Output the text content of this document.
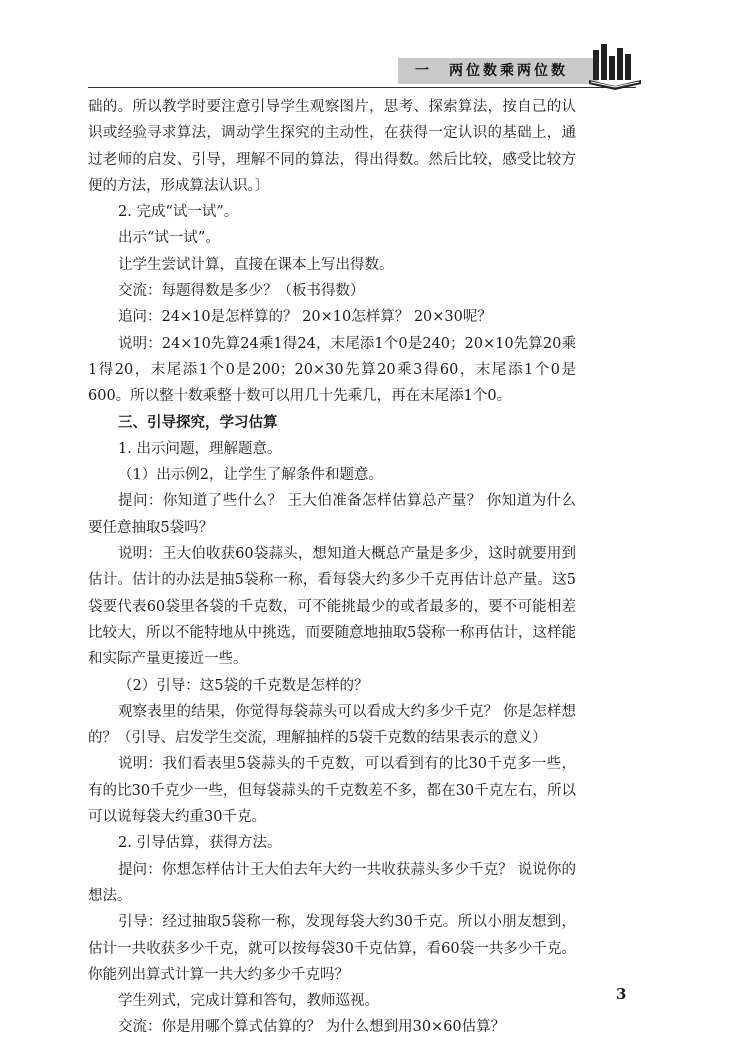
一　两位数乘两位数

础的。所以教学时要注意引导学生观察图片，思考、探索算法，按自己的认识或经验寻求算法，调动学生探究的主动性，在获得一定认识的基础上，通过老师的启发、引导，理解不同的算法，得出得数。然后比较，感受比较方便的方法，形成算法认识。〕

2. 完成“试一试”。

出示“试一试”。

让学生尝试计算，直接在课本上写出得数。

交流：每题得数是多少？（板书得数）

追问：24×10是怎样算的？ 20×10怎样算？ 20×30呢？

说明：24×10先算24乘1得24，末尾添1个0是240；20×10先算20乘1得20，末尾添1个0是200；20×30先算20乘3得60，末尾添1个0是600。所以整十数乘整十数可以用几十先乘几，再在末尾添1个0。

三、引导探究，学习估算

1. 出示问题，理解题意。

（1）出示例2，让学生了解条件和题意。

提问：你知道了些什么？ 王大伯准备怎样估算总产量？ 你知道为什么要任意抽取5袋吗？

说明：王大伯收获60袋蒜头，想知道大概总产量是多少，这时就要用到估计。估计的办法是抽5袋称一称，看每袋大约多少千克再估计总产量。这5袋要代表60袋里各袋的千克数，可不能挑最少的或者最多的，要不可能相差比较大，所以不能特地从中挑选，而要随意地抽取5袋称一称再估计，这样能和实际产量更接近一些。

（2）引导：这5袋的千克数是怎样的？

观察表里的结果，你觉得每袋蒜头可以看成大约多少千克？ 你是怎样想的？（引导、启发学生交流，理解抽样的5袋千克数的结果表示的意义）

说明：我们看表里5袋蒜头的千克数，可以看到有的比30千克多一些，有的比30千克少一些，但每袋蒜头的千克数差不多，都在30千克左右，所以可以说每袋大约重30千克。

2. 引导估算，获得方法。

提问：你想怎样估计王大伯去年大约一共收获蒜头多少千克？ 说说你的想法。

引导：经过抽取5袋称一称，发现每袋大约30千克。所以小朋友想到，估计一共收获多少千克，就可以按每袋30千克估算，看60袋一共多少千克。你能列出算式计算一共大约多少千克吗？

学生列式，完成计算和答句，教师巡视。

交流：你是用哪个算式估算的？ 为什么想到用30×60估算？

3
